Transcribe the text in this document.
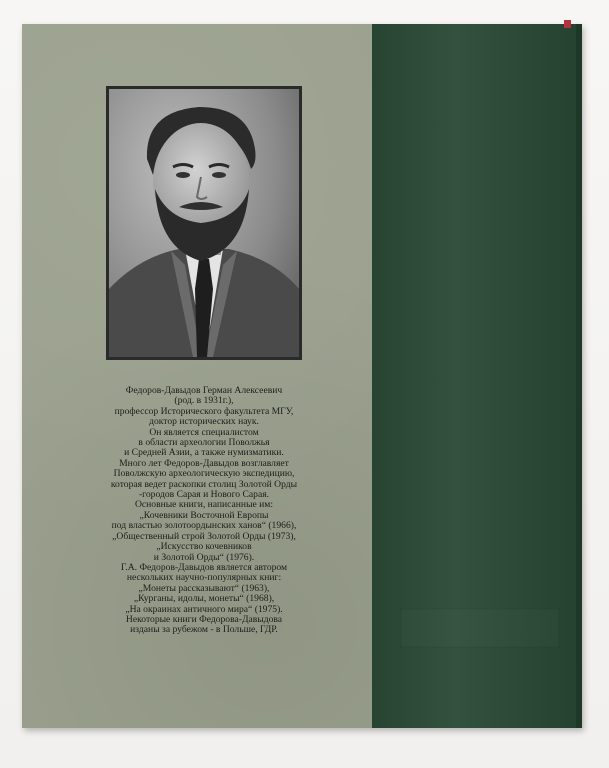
Федоров-Давыдов Герман Алексеевич
(род. в 1931г.),
профессор Исторического факультета МГУ,
доктор исторических наук.
Он является специалистом
в области археологии Поволжья
и Средней Азии, а также нумизматики.
Много лет Федоров-Давыдов возглавляет
Поволжскую археологическую экспедицию,
которая ведет раскопки столиц Золотой Орды
-городов Сарая и Нового Сарая.
Основные книги, написанные им:
„Кочевники Восточной Европы
под властью золотоордынских ханов“ (1966),
„Общественный строй Золотой Орды (1973),
„Искусство кочевников
и Золотой Орды“ (1976).
Г.А. Федоров-Давыдов является автором
нескольких научно-популярных книг:
„Монеты рассказывают“ (1963),
„Курганы, идолы, монеты“ (1968),
„На окраинах античного мира“ (1975).
Некоторые книги Федорова-Давыдова
изданы за рубежом - в Польше, ГДР.
